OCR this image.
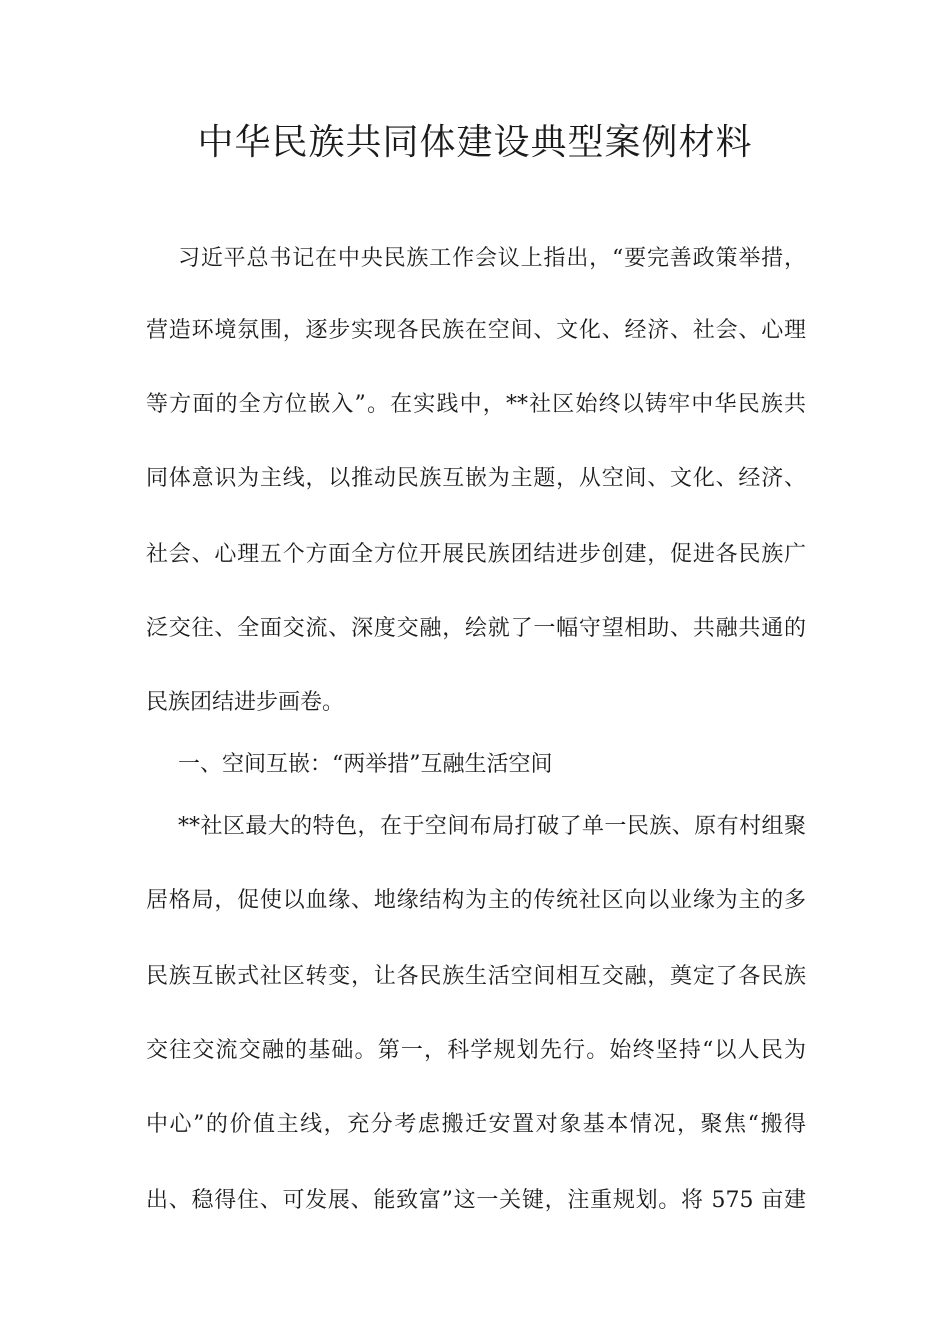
中华民族共同体建设典型案例材料
习近平总书记在中央民族工作会议上指出，“要完善政策举措，
营造环境氛围，逐步实现各民族在空间、文化、经济、社会、心理
等方面的全方位嵌入”。在实践中，**社区始终以铸牢中华民族共
同体意识为主线，以推动民族互嵌为主题，从空间、文化、经济、
社会、心理五个方面全方位开展民族团结进步创建，促进各民族广
泛交往、全面交流、深度交融，绘就了一幅守望相助、共融共通的
民族团结进步画卷。
一、空间互嵌：“两举措”互融生活空间
**社区最大的特色，在于空间布局打破了单一民族、原有村组聚
居格局，促使以血缘、地缘结构为主的传统社区向以业缘为主的多
民族互嵌式社区转变，让各民族生活空间相互交融，奠定了各民族
交往交流交融的基础。第一，科学规划先行。始终坚持“以人民为
中心”的价值主线，充分考虑搬迁安置对象基本情况，聚焦“搬得
出、稳得住、可发展、能致富”这一关键，注重规划。将 575 亩建
